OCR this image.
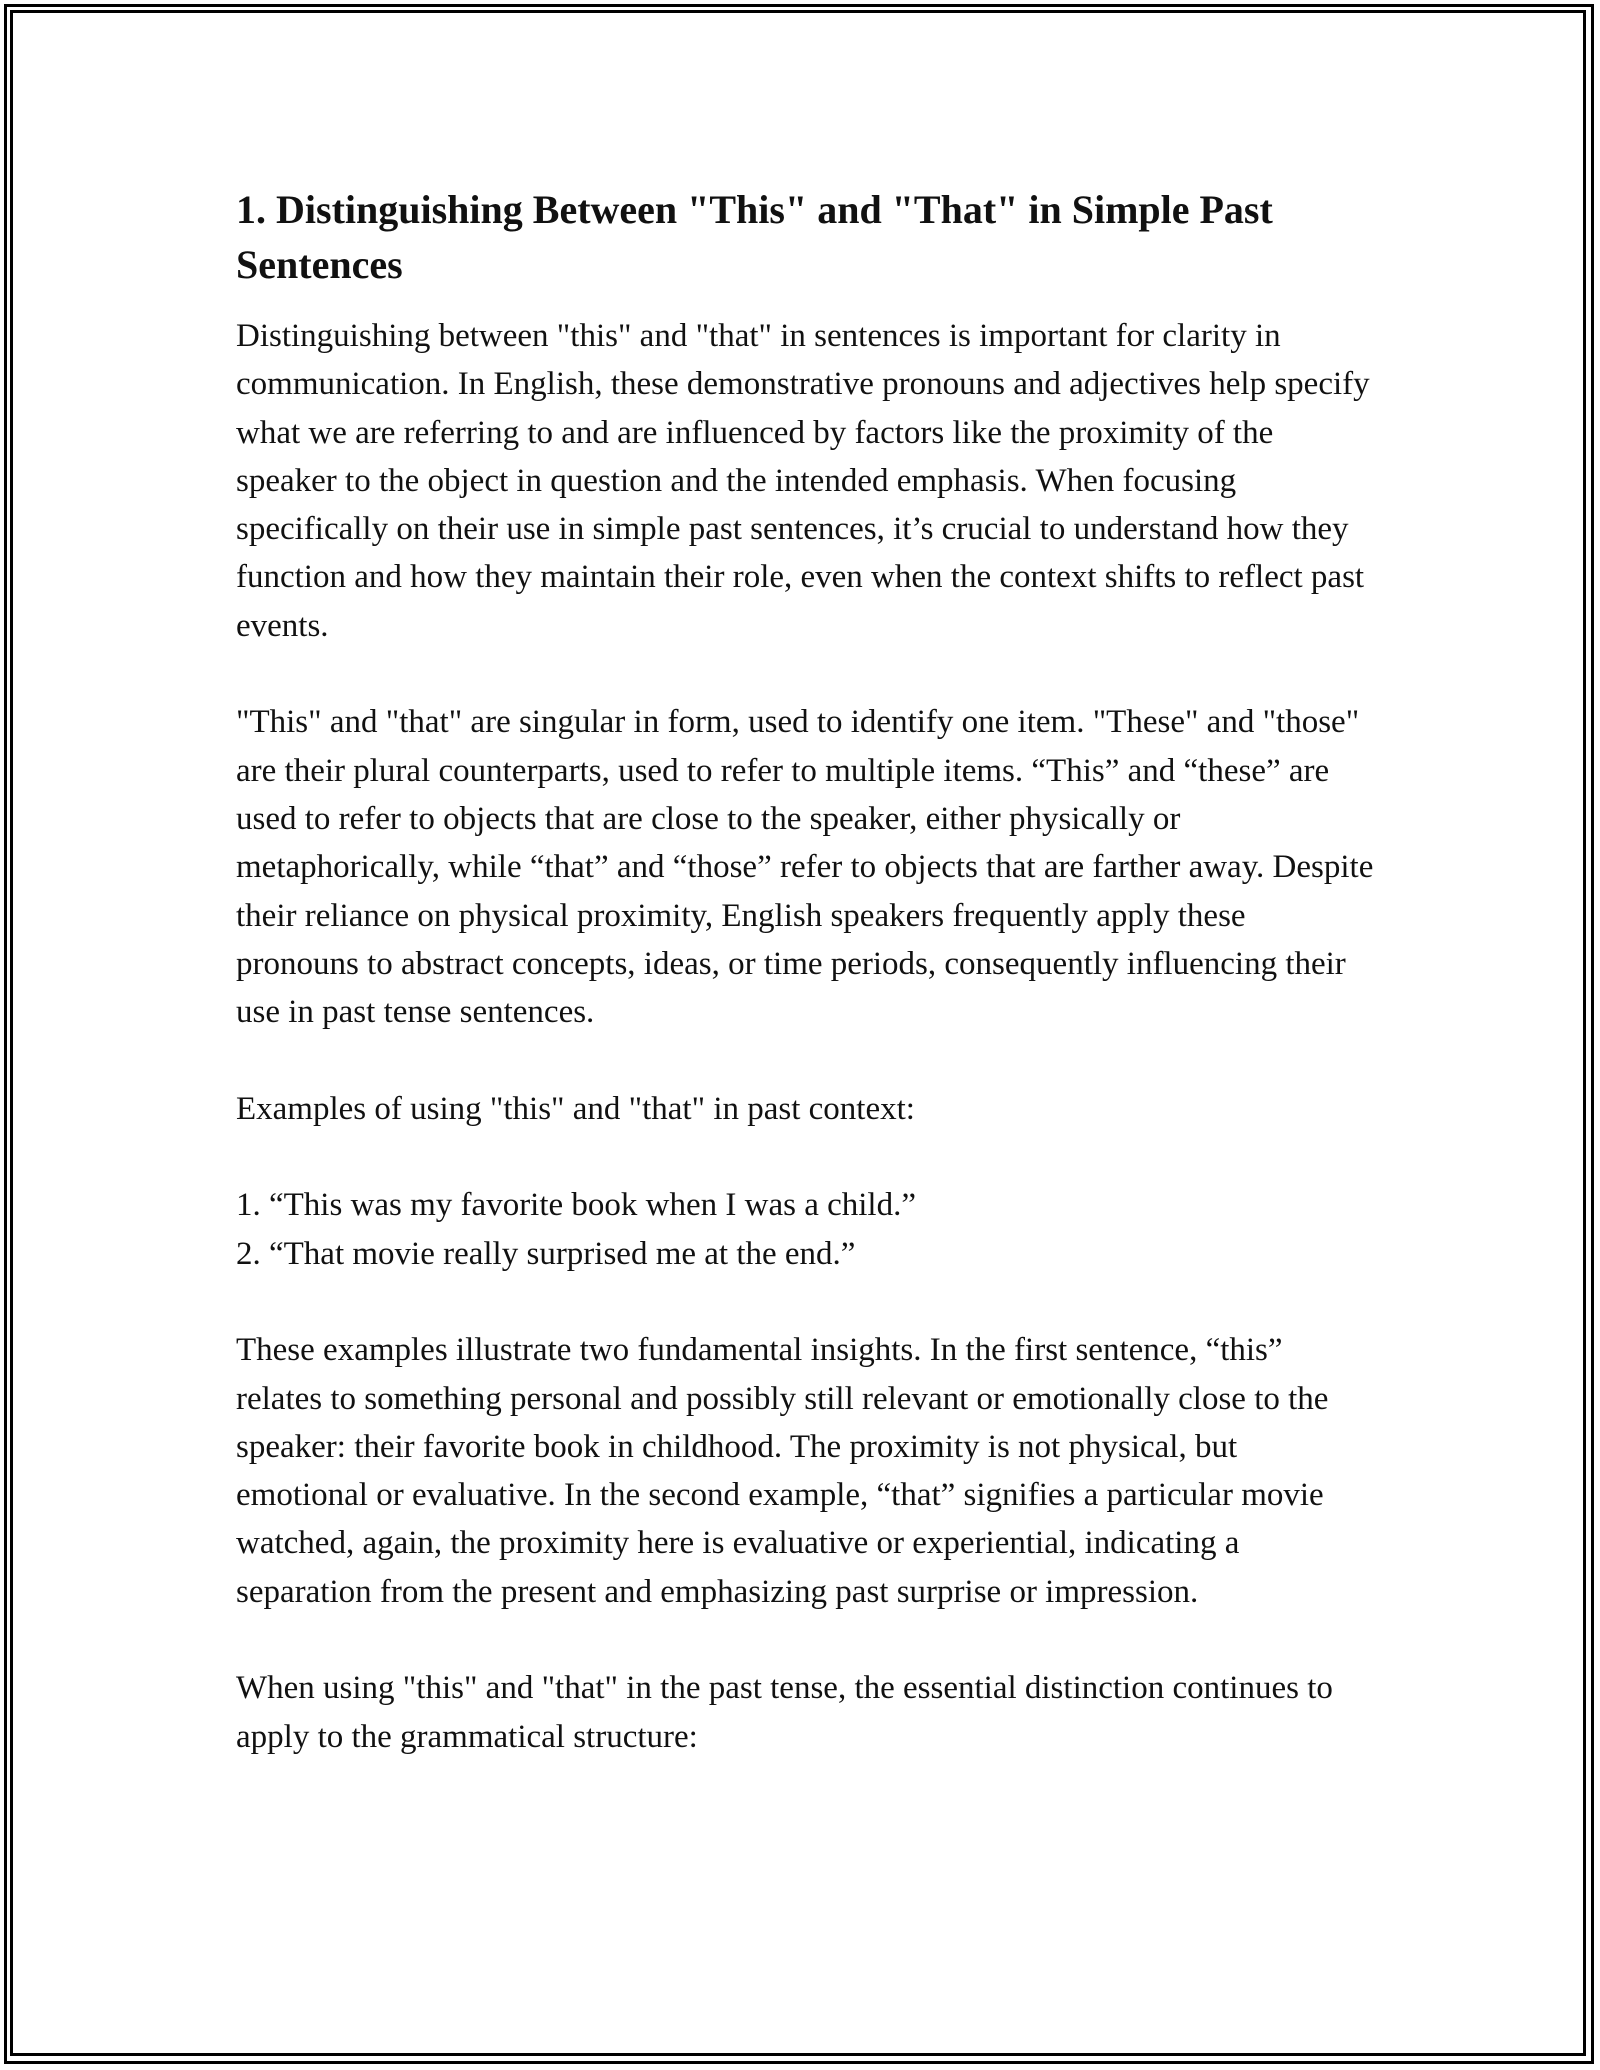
1. Distinguishing Between "This" and "That" in Simple Past Sentences

Distinguishing between "this" and "that" in sentences is important for clarity in communication. In English, these demonstrative pronouns and adjectives help specify what we are referring to and are influenced by factors like the proximity of the speaker to the object in question and the intended emphasis. When focusing specifically on their use in simple past sentences, it’s crucial to understand how they function and how they maintain their role, even when the context shifts to reflect past events.

"This" and "that" are singular in form, used to identify one item. "These" and "those" are their plural counterparts, used to refer to multiple items. “This” and “these” are used to refer to objects that are close to the speaker, either physically or metaphorically, while “that” and “those” refer to objects that are farther away. Despite their reliance on physical proximity, English speakers frequently apply these pronouns to abstract concepts, ideas, or time periods, consequently influencing their use in past tense sentences.

Examples of using "this" and "that" in past context:

1. “This was my favorite book when I was a child.”
2. “That movie really surprised me at the end.”

These examples illustrate two fundamental insights. In the first sentence, “this” relates to something personal and possibly still relevant or emotionally close to the speaker: their favorite book in childhood. The proximity is not physical, but emotional or evaluative. In the second example, “that” signifies a particular movie watched, again, the proximity here is evaluative or experiential, indicating a separation from the present and emphasizing past surprise or impression.

When using "this" and "that" in the past tense, the essential distinction continues to apply to the grammatical structure:
